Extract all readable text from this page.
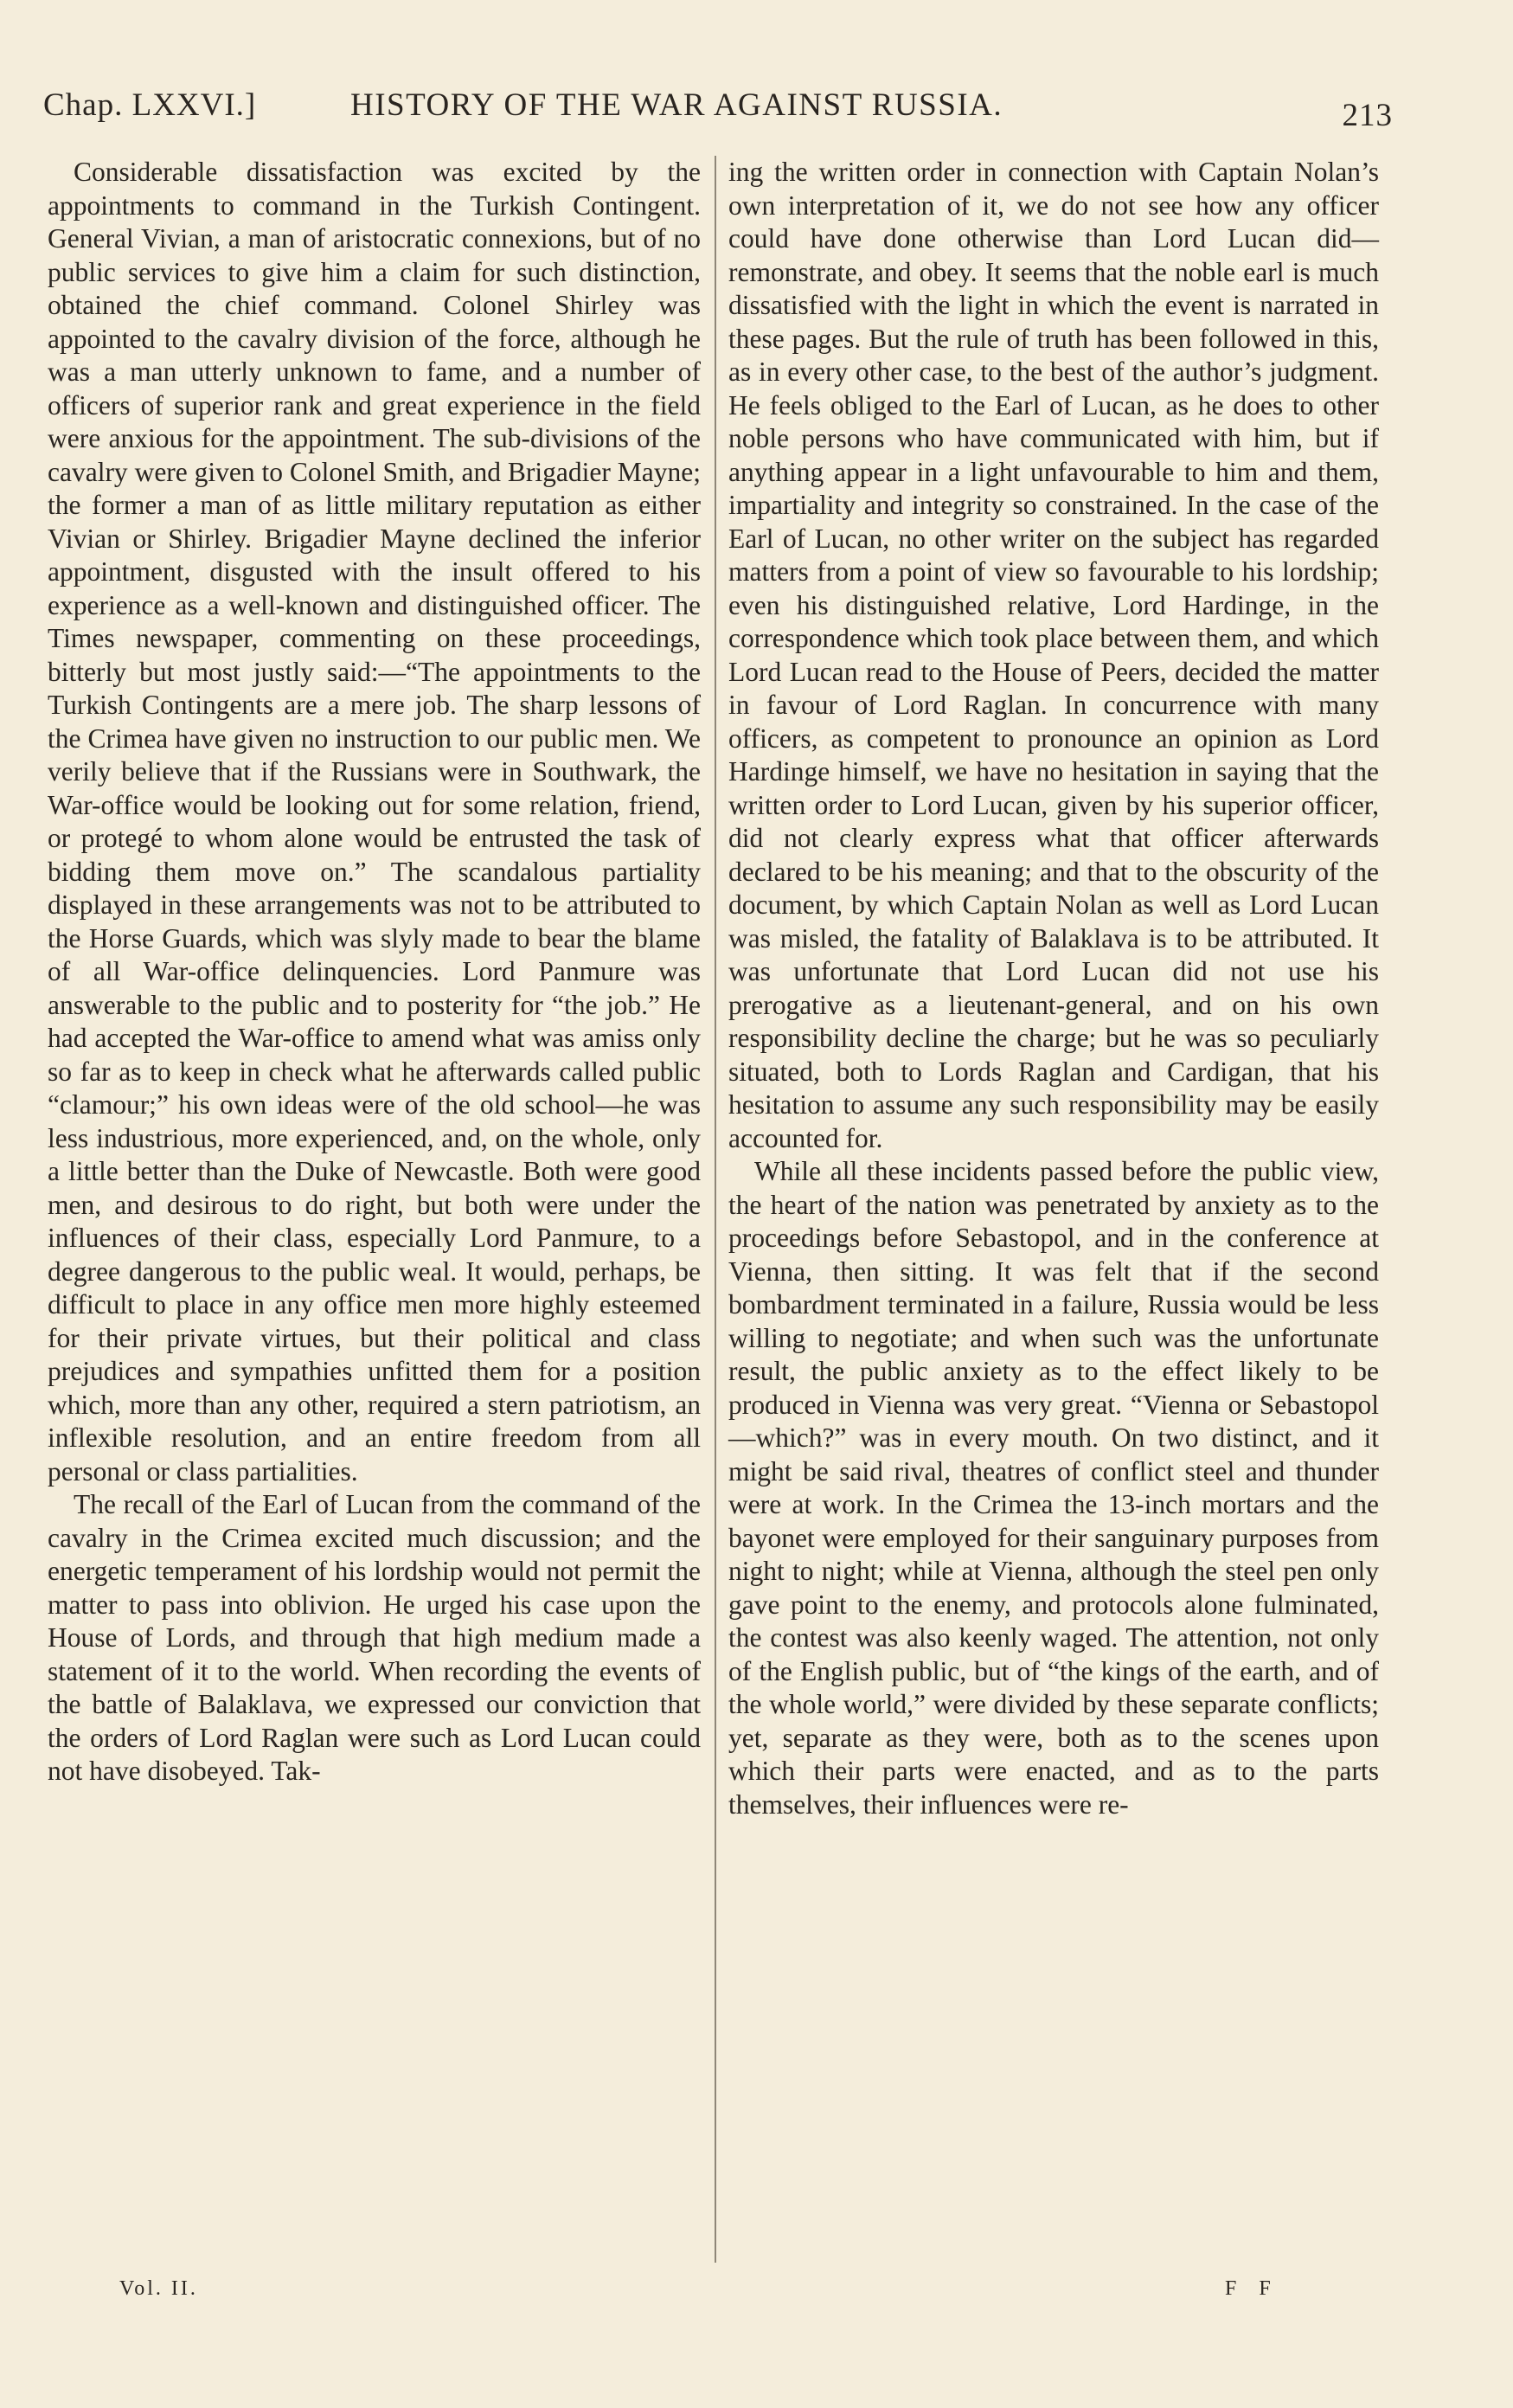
Chap. LXXVI.]	HISTORY OF THE WAR AGAINST RUSSIA.	213

Considerable dissatisfaction was excited by the appointments to command in the Turkish Contingent. General Vivian, a man of aristocratic connexions, but of no public services to give him a claim for such distinction, obtained the chief command. Colonel Shirley was appointed to the cavalry division of the force, although he was a man utterly unknown to fame, and a number of officers of superior rank and great experience in the field were anxious for the appointment. The sub-divisions of the cavalry were given to Colonel Smith, and Brigadier Mayne; the former a man of as little military reputation as either Vivian or Shirley. Brigadier Mayne declined the inferior appointment, disgusted with the insult offered to his experience as a well-known and distinguished officer. The Times newspaper, commenting on these proceedings, bitterly but most justly said:—“The appointments to the Turkish Contingents are a mere job. The sharp lessons of the Crimea have given no instruction to our public men. We verily believe that if the Russians were in Southwark, the War-office would be looking out for some relation, friend, or protegé to whom alone would be entrusted the task of bidding them move on.” The scandalous partiality displayed in these arrangements was not to be attributed to the Horse Guards, which was slyly made to bear the blame of all War-office delinquencies. Lord Panmure was answerable to the public and to posterity for “the job.” He had accepted the War-office to amend what was amiss only so far as to keep in check what he afterwards called public “clamour;” his own ideas were of the old school—he was less industrious, more experienced, and, on the whole, only a little better than the Duke of Newcastle. Both were good men, and desirous to do right, but both were under the influences of their class, especially Lord Panmure, to a degree dangerous to the public weal. It would, perhaps, be difficult to place in any office men more highly esteemed for their private virtues, but their political and class prejudices and sympathies unfitted them for a position which, more than any other, required a stern patriotism, an inflexible resolution, and an entire freedom from all personal or class partialities.

The recall of the Earl of Lucan from the command of the cavalry in the Crimea excited much discussion; and the energetic temperament of his lordship would not permit the matter to pass into oblivion. He urged his case upon the House of Lords, and through that high medium made a statement of it to the world. When recording the events of the battle of Balaklava, we expressed our conviction that the orders of Lord Raglan were such as Lord Lucan could not have disobeyed. Tak-

ing the written order in connection with Captain Nolan’s own interpretation of it, we do not see how any officer could have done otherwise than Lord Lucan did—remonstrate, and obey. It seems that the noble earl is much dissatisfied with the light in which the event is narrated in these pages. But the rule of truth has been followed in this, as in every other case, to the best of the author’s judgment. He feels obliged to the Earl of Lucan, as he does to other noble persons who have communicated with him, but if anything appear in a light unfavourable to him and them, impartiality and integrity so constrained. In the case of the Earl of Lucan, no other writer on the subject has regarded matters from a point of view so favourable to his lordship; even his distinguished relative, Lord Hardinge, in the correspondence which took place between them, and which Lord Lucan read to the House of Peers, decided the matter in favour of Lord Raglan. In concurrence with many officers, as competent to pronounce an opinion as Lord Hardinge himself, we have no hesitation in saying that the written order to Lord Lucan, given by his superior officer, did not clearly express what that officer afterwards declared to be his meaning; and that to the obscurity of the document, by which Captain Nolan as well as Lord Lucan was misled, the fatality of Balaklava is to be attributed. It was unfortunate that Lord Lucan did not use his prerogative as a lieutenant-general, and on his own responsibility decline the charge; but he was so peculiarly situated, both to Lords Raglan and Cardigan, that his hesitation to assume any such responsibility may be easily accounted for.

While all these incidents passed before the public view, the heart of the nation was penetrated by anxiety as to the proceedings before Sebastopol, and in the conference at Vienna, then sitting. It was felt that if the second bombardment terminated in a failure, Russia would be less willing to negotiate; and when such was the unfortunate result, the public anxiety as to the effect likely to be produced in Vienna was very great. “Vienna or Sebastopol—which?” was in every mouth. On two distinct, and it might be said rival, theatres of conflict steel and thunder were at work. In the Crimea the 13-inch mortars and the bayonet were employed for their sanguinary purposes from night to night; while at Vienna, although the steel pen only gave point to the enemy, and protocols alone fulminated, the contest was also keenly waged. The attention, not only of the English public, but of “the kings of the earth, and of the whole world,” were divided by these separate conflicts; yet, separate as they were, both as to the scenes upon which their parts were enacted, and as to the parts themselves, their influences were re-

Vol. II.	F F
